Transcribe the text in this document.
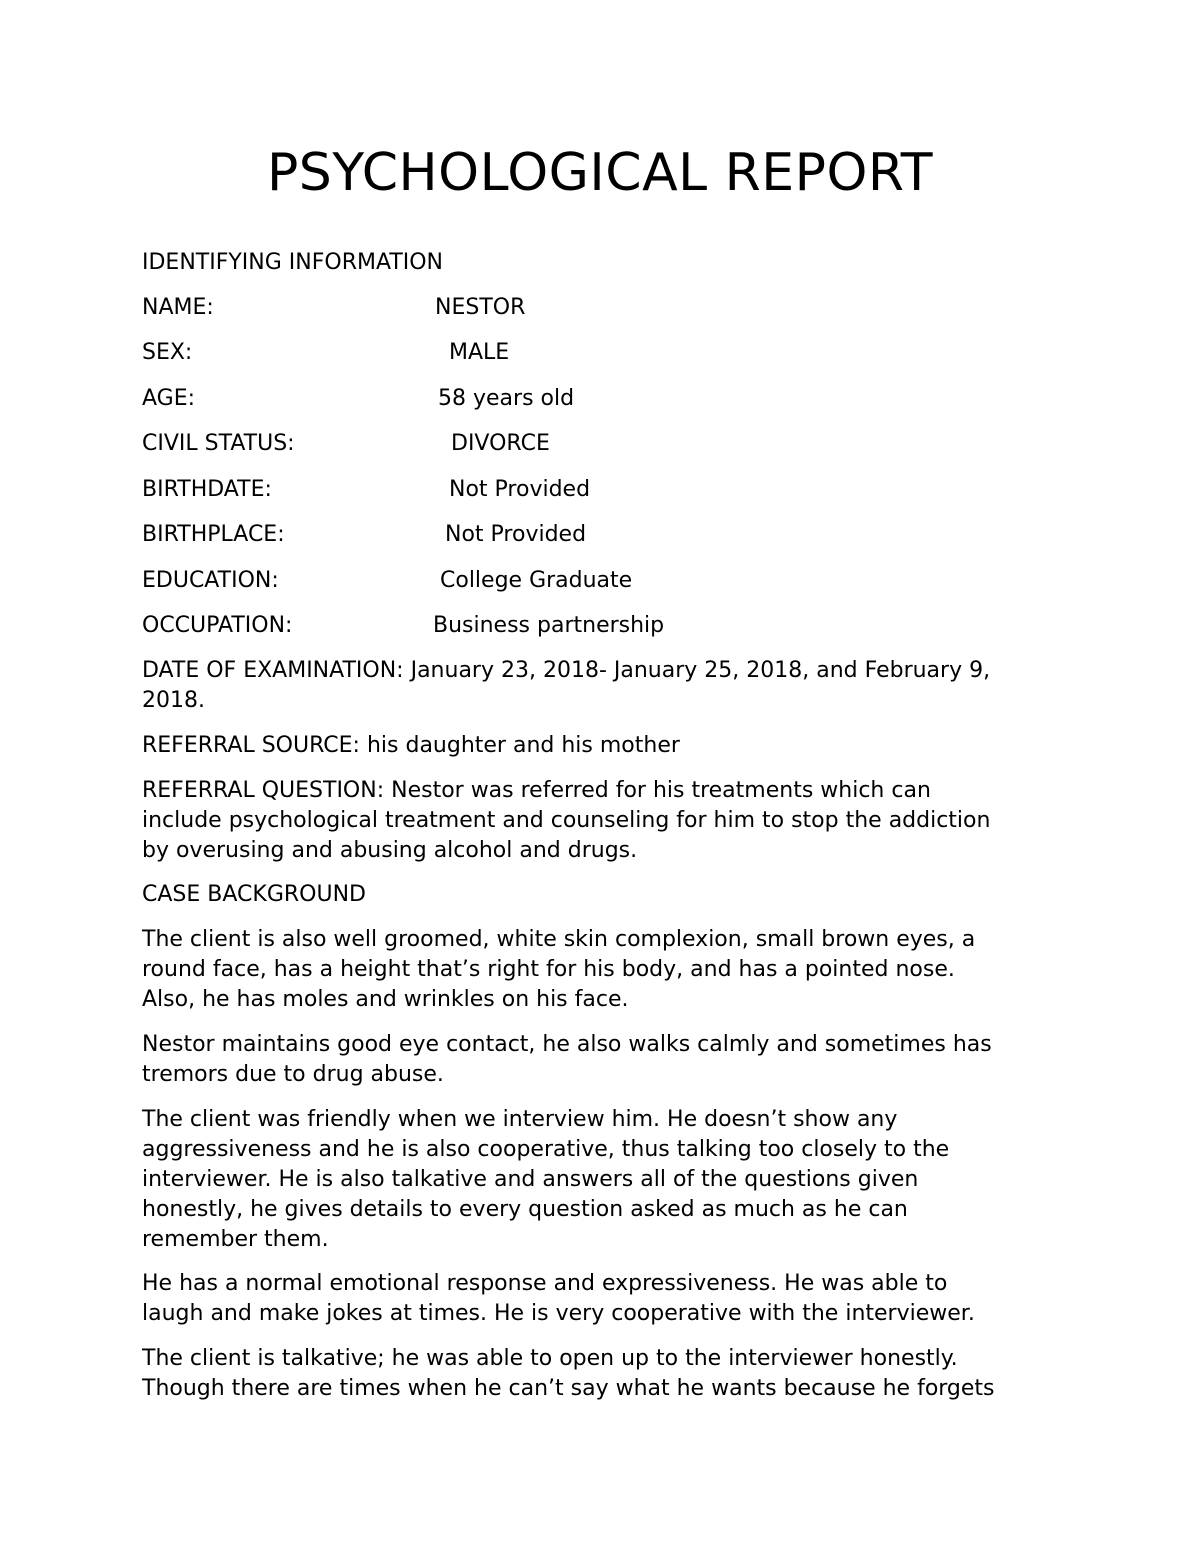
PSYCHOLOGICAL REPORT
IDENTIFYING INFORMATION
NAME:	NESTOR
SEX:	MALE
AGE:	58 years old
CIVIL STATUS:	DIVORCE
BIRTHDATE:	Not Provided
BIRTHPLACE:	Not Provided
EDUCATION:	College Graduate
OCCUPATION:	Business partnership
DATE OF EXAMINATION: January 23, 2018- January 25, 2018, and February 9,
2018.
REFERRAL SOURCE: his daughter and his mother
REFERRAL QUESTION: Nestor was referred for his treatments which can
include psychological treatment and counseling for him to stop the addiction
by overusing and abusing alcohol and drugs.
CASE BACKGROUND
The client is also well groomed, white skin complexion, small brown eyes, a
round face, has a height that’s right for his body, and has a pointed nose.
Also, he has moles and wrinkles on his face.
Nestor maintains good eye contact, he also walks calmly and sometimes has
tremors due to drug abuse.
The client was friendly when we interview him. He doesn’t show any
aggressiveness and he is also cooperative, thus talking too closely to the
interviewer. He is also talkative and answers all of the questions given
honestly, he gives details to every question asked as much as he can
remember them.
He has a normal emotional response and expressiveness. He was able to
laugh and make jokes at times. He is very cooperative with the interviewer.
The client is talkative; he was able to open up to the interviewer honestly.
Though there are times when he can’t say what he wants because he forgets
